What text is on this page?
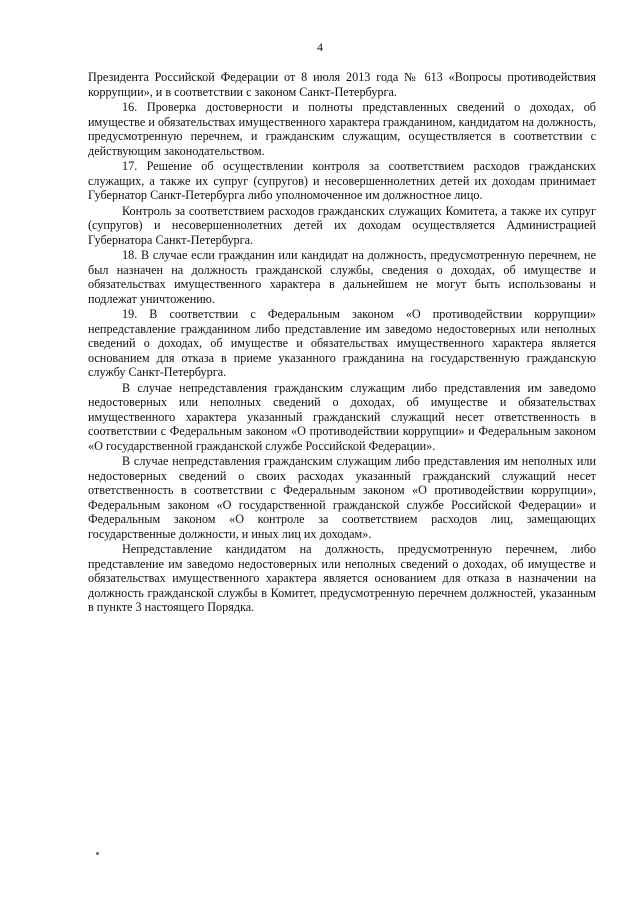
4

Президента Российской Федерации от 8 июля 2013 года № 613 «Вопросы противодействия коррупции», и в соответствии с законом Санкт-Петербурга.

16. Проверка достоверности и полноты представленных сведений о доходах, об имуществе и обязательствах имущественного характера гражданином, кандидатом на должность, предусмотренную перечнем, и гражданским служащим, осуществляется в соответствии с действующим законодательством.

17. Решение об осуществлении контроля за соответствием расходов гражданских служащих, а также их супруг (супругов) и несовершеннолетних детей их доходам принимает Губернатор Санкт-Петербурга либо уполномоченное им должностное лицо.

Контроль за соответствием расходов гражданских служащих Комитета, а также их супруг (супругов) и несовершеннолетних детей их доходам осуществляется Администрацией Губернатора Санкт-Петербурга.

18. В случае если гражданин или кандидат на должность, предусмотренную перечнем, не был назначен на должность гражданской службы, сведения о доходах, об имуществе и обязательствах имущественного характера в дальнейшем не могут быть использованы и подлежат уничтожению.

19. В соответствии с Федеральным законом «О противодействии коррупции» непредставление гражданином либо представление им заведомо недостоверных или неполных сведений о доходах, об имуществе и обязательствах имущественного характера является основанием для отказа в приеме указанного гражданина на государственную гражданскую службу Санкт-Петербурга.

В случае непредставления гражданским служащим либо представления им заведомо недостоверных или неполных сведений о доходах, об имуществе и обязательствах имущественного характера указанный гражданский служащий несет ответственность в соответствии с Федеральным законом «О противодействии коррупции» и Федеральным законом «О государственной гражданской службе Российской Федерации».

В случае непредставления гражданским служащим либо представления им неполных или недостоверных сведений о своих расходах указанный гражданский служащий несет ответственность в соответствии с Федеральным законом «О противодействии коррупции», Федеральным законом «О государственной гражданской службе Российской Федерации» и Федеральным законом «О контроле за соответствием расходов лиц, замещающих государственные должности, и иных лиц их доходам».

Непредставление кандидатом на должность, предусмотренную перечнем, либо представление им заведомо недостоверных или неполных сведений о доходах, об имуществе и обязательствах имущественного характера является основанием для отказа в назначении на должность гражданской службы в Комитет, предусмотренную перечнем должностей, указанным в пункте 3 настоящего Порядка.
